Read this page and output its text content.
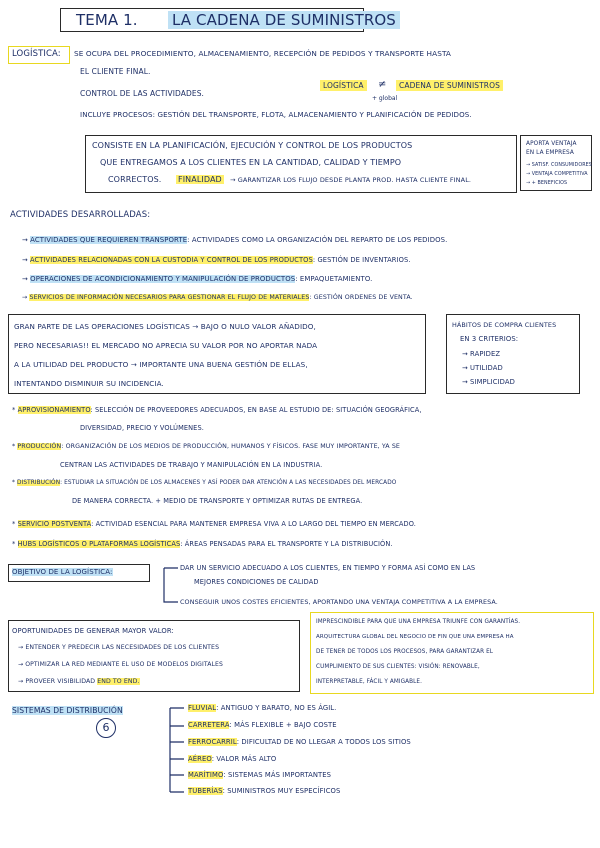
TEMA 1. LA CADENA DE SUMINISTROS
LOGÍSTICA: SE OCUPA DEL PROCEDIMIENTO, ALMACENAMIENTO, RECEPCIÓN DE PEDIDOS Y TRANSPORTE HASTA
EL CLIENTE FINAL.
LOGÍSTICA	≠	CADENA DE SUMINISTROS
+ global
CONTROL DE LAS ACTIVIDADES.
INCLUYE PROCESOS: GESTIÓN DEL TRANSPORTE, FLOTA, ALMACENAMIENTO Y PLANIFICACIÓN DE PEDIDOS.
CONSISTE EN LA PLANIFICACIÓN, EJECUCIÓN Y CONTROL DE LOS PRODUCTOS
QUE ENTREGAMOS A LOS CLIENTES EN LA CANTIDAD, CALIDAD Y TIEMPO
CORRECTOS. FINALIDAD	→ GARANTIZAR LOS FLUJO DESDE PLANTA PROD. HASTA CLIENTE FINAL.
APORTA VENTAJA
EN LA EMPRESA
→ SATISF. CONSUMIDORES
→ VENTAJA COMPETITIVA
→ + BENEFICIOS
ACTIVIDADES DESARROLLADAS:
→ ACTIVIDADES QUE REQUIEREN TRANSPORTE: ACTIVIDADES COMO LA ORGANIZACIÓN DEL REPARTO DE LOS PEDIDOS.
→ ACTIVIDADES RELACIONADAS CON LA CUSTODIA Y CONTROL DE LOS PRODUCTOS: GESTIÓN DE INVENTARIOS.
→ OPERACIONES DE ACONDICIONAMIENTO Y MANIPULACIÓN DE PRODUCTOS: EMPAQUETAMIENTO.
→ SERVICIOS DE INFORMACIÓN NECESARIOS PARA GESTIONAR EL FLUJO DE MATERIALES: GESTIÓN ORDENES DE VENTA.
GRAN PARTE DE LAS OPERACIONES LOGÍSTICAS → BAJO O NULO VALOR AÑADIDO,
PERO NECESARIAS!! EL MERCADO NO APRECIA SU VALOR POR NO APORTAR NADA
A LA UTILIDAD DEL PRODUCTO → IMPORTANTE UNA BUENA GESTIÓN DE ELLAS,
INTENTANDO DISMINUIR SU INCIDENCIA.
HÁBITOS DE COMPRA CLIENTES
EN 3 CRITERIOS:
→ RAPIDEZ
→ UTILIDAD
→ SIMPLICIDAD
* APROVISIONAMIENTO: SELECCIÓN DE PROVEEDORES ADECUADOS, EN BASE AL ESTUDIO DE: SITUACIÓN GEOGRÁFICA,
DIVERSIDAD, PRECIO Y VOLÚMENES.
* PRODUCCIÓN: ORGANIZACIÓN DE LOS MEDIOS DE PRODUCCIÓN, HUMANOS Y FÍSICOS. FASE MUY IMPORTANTE, YA SE
CENTRAN LAS ACTIVIDADES DE TRABAJO Y MANIPULACIÓN EN LA INDUSTRIA.
* DISTRIBUCIÓN: ESTUDIAR LA SITUACIÓN DE LOS ALMACENES Y ASÍ PODER DAR ATENCIÓN A LAS NECESIDADES DEL MERCADO
DE MANERA CORRECTA. + MEDIO DE TRANSPORTE Y OPTIMIZAR RUTAS DE ENTREGA.
* SERVICIO POSTVENTA: ACTIVIDAD ESENCIAL PARA MANTENER EMPRESA VIVA A LO LARGO DEL TIEMPO EN MERCADO.
* HUBS LOGÍSTICOS O PLATAFORMAS LOGÍSTICAS: ÁREAS PENSADAS PARA EL TRANSPORTE Y LA DISTRIBUCIÓN.
OBJETIVO DE LA LOGÍSTICA:	DAR UN SERVICIO ADECUADO A LOS CLIENTES, EN TIEMPO Y FORMA ASÍ COMO EN LAS
MEJORES CONDICIONES DE CALIDAD
CONSEGUIR UNOS COSTES EFICIENTES, APORTANDO UNA VENTAJA COMPETITIVA A LA EMPRESA.
OPORTUNIDADES DE GENERAR MAYOR VALOR:
→ ENTENDER Y PREDECIR LAS NECESIDADES DE LOS CLIENTES
→ OPTIMIZAR LA RED MEDIANTE EL USO DE MODELOS DIGITALES
→ PROVEER VISIBILIDAD END TO END.
IMPRESCINDIBLE PARA QUE UNA EMPRESA TRIUNFE CON GARANTÍAS.
ARQUITECTURA GLOBAL DEL NEGOCIO DE FIN QUE UNA EMPRESA HA
DE TENER DE TODOS LOS PROCESOS, PARA GARANTIZAR EL
CUMPLIMIENTO DE SUS CLIENTES: VISIÓN: RENOVABLE,
INTERPRETABLE, FÁCIL Y AMIGABLE.
SISTEMAS DE DISTRIBUCIÓN
6
FLUVIAL: ANTIGUO Y BARATO, NO ES ÁGIL.
CARRETERA: MÁS FLEXIBLE + BAJO COSTE
FERROCARRIL: DIFICULTAD DE NO LLEGAR A TODOS LOS SITIOS
AÉREO: VALOR MÁS ALTO
MARÍTIMO: SISTEMAS MÁS IMPORTANTES
TUBERÍAS: SUMINISTROS MUY ESPECÍFICOS
